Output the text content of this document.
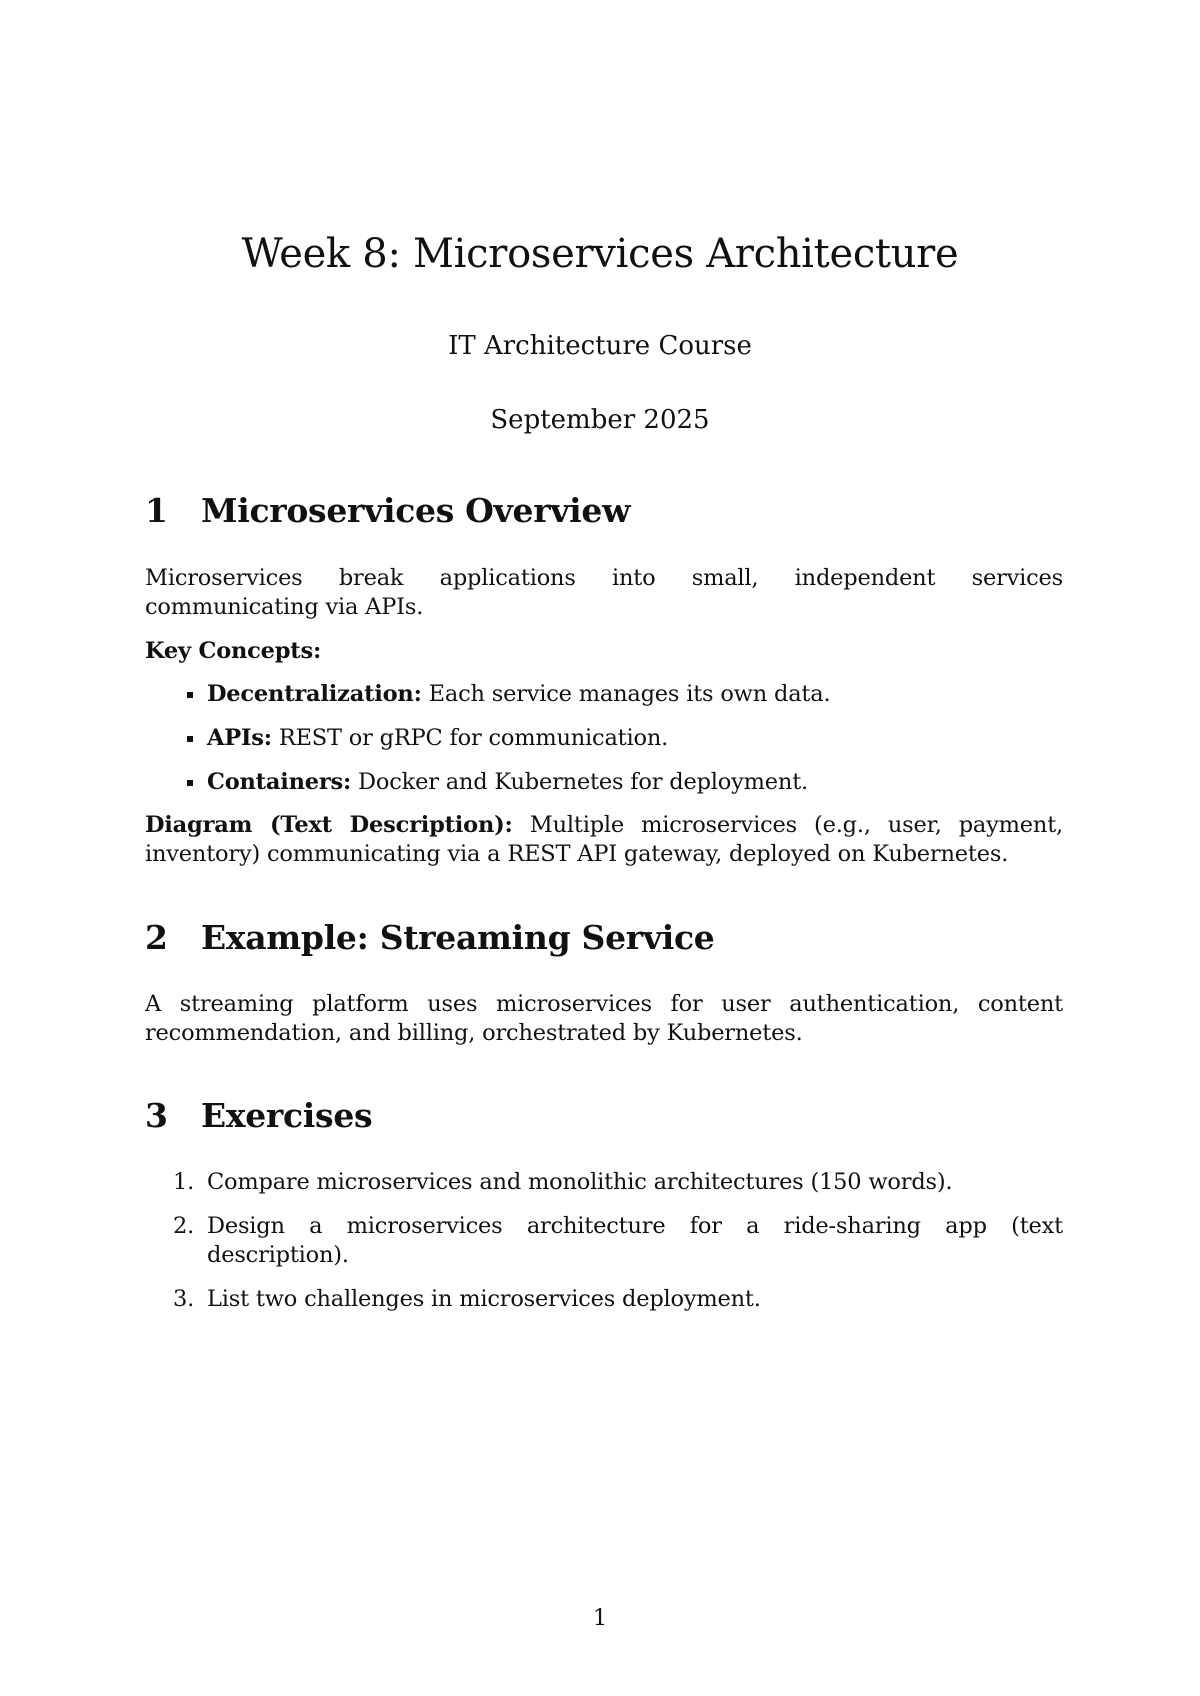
Week 8: Microservices Architecture

IT Architecture Course

September 2025

1 Microservices Overview

Microservices break applications into small, independent services communicating via APIs.

Key Concepts:

Decentralization: Each service manages its own data.
APIs: REST or gRPC for communication.
Containers: Docker and Kubernetes for deployment.

Diagram (Text Description): Multiple microservices (e.g., user, payment, inventory) communicating via a REST API gateway, deployed on Kubernetes.

2 Example: Streaming Service

A streaming platform uses microservices for user authentication, content recommendation, and billing, orchestrated by Kubernetes.

3 Exercises
1. Compare microservices and monolithic architectures (150 words).
2. Design a microservices architecture for a ride-sharing app (text description).
3. List two challenges in microservices deployment.
1
